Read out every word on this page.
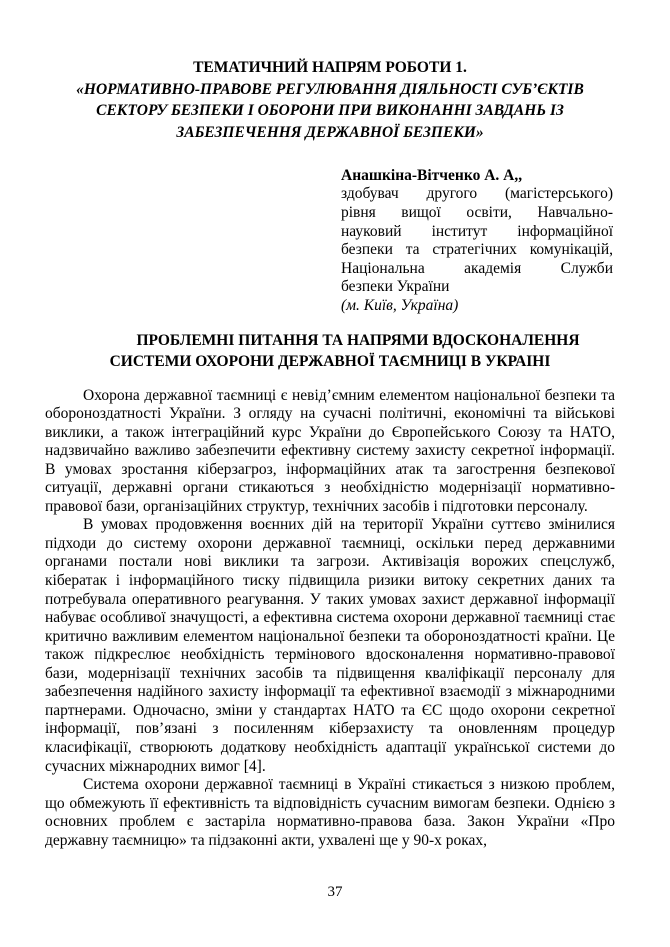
ТЕМАТИЧНИЙ НАПРЯМ РОБОТИ 1.
«НОРМАТИВНО-ПРАВОВЕ РЕГУЛЮВАННЯ ДІЯЛЬНОСТІ СУБ’ЄКТІВ
СЕКТОРУ БЕЗПЕКИ І ОБОРОНИ ПРИ ВИКОНАННІ ЗАВДАНЬ ІЗ
ЗАБЕЗПЕЧЕННЯ ДЕРЖАВНОЇ БЕЗПЕКИ»
Анашкіна-Вітченко А. А,,
здобувач другого (магістерського)
рівня вищої освіти, Навчально-
науковий інститут інформаційної
безпеки та стратегічних комунікацій,
Національна академія Служби
безпеки України
(м. Київ, Україна)
ПРОБЛЕМНІ ПИТАННЯ ТА НАПРЯМИ ВДОСКОНАЛЕННЯ
СИСТЕМИ ОХОРОНИ ДЕРЖАВНОЇ ТАЄМНИЦІ В УКРАІНІ

Охорона державної таємниці є невід’ємним елементом національної безпеки та обороноздатності України. З огляду на сучасні політичні, економічні та військові виклики, а також інтеграційний курс України до Європейського Союзу та НАТО, надзвичайно важливо забезпечити ефективну систему захисту секретної інформації. В умовах зростання кіберзагроз, інформаційних атак та загострення безпекової ситуації, державні органи стикаються з необхідністю модернізації нормативно-правової бази, організаційних структур, технічних засобів і підготовки персоналу.

В умовах продовження воєнних дій на території України суттєво змінилися підходи до систему охорони державної таємниці, оскільки перед державними органами постали нові виклики та загрози. Активізація ворожих спецслужб, кібератак і інформаційного тиску підвищила ризики витоку секретних даних та потребувала оперативного реагування. У таких умовах захист державної інформації набуває особливої значущості, а ефективна система охорони державної таємниці стає критично важливим елементом національної безпеки та обороноздатності країни. Це також підкреслює необхідність термінового вдосконалення нормативно-правової бази, модернізації технічних засобів та підвищення кваліфікації персоналу для забезпечення надійного захисту інформації та ефективної взаємодії з міжнародними партнерами. Одночасно, зміни у стандартах НАТО та ЄС щодо охорони секретної інформації, пов’язані з посиленням кіберзахисту та оновленням процедур класифікації, створюють додаткову необхідність адаптації української системи до сучасних міжнародних вимог [4].

Система охорони державної таємниці в Україні стикається з низкою проблем, що обмежують її ефективність та відповідність сучасним вимогам безпеки. Однією з основних проблем є застаріла нормативно-правова база. Закон України «Про державну таємницю» та підзаконні акти, ухвалені ще у 90-х роках,

37
